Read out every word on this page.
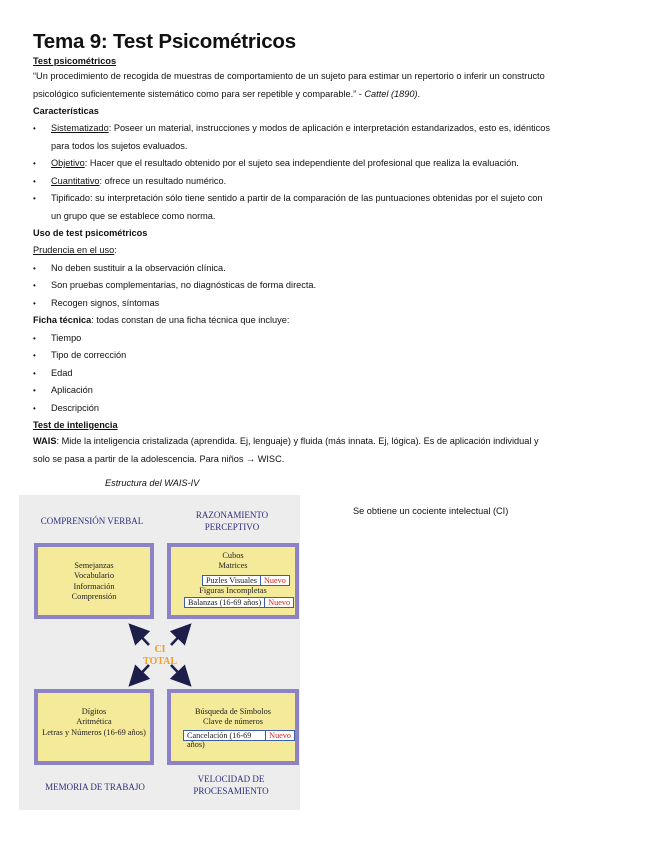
Tema 9: Test Psicométricos

Test psicométricos

“Un procedimiento de recogida de muestras de comportamiento de un sujeto para estimar un repertorio o inferir un constructo
psicológico suficientemente sistemático como para ser repetible y comparable.” - Cattel (1890).

Características

• Sistematizado: Poseer un material, instrucciones y modos de aplicación e interpretación estandarizados, esto es, idénticos
para todos los sujetos evaluados.
• Objetivo: Hacer que el resultado obtenido por el sujeto sea independiente del profesional que realiza la evaluación.
• Cuantitativo: ofrece un resultado numérico.
• Tipificado: su interpretación sólo tiene sentido a partir de la comparación de las puntuaciones obtenidas por el sujeto con
un grupo que se establece como norma.

Uso de test psicométricos

Prudencia en el uso:

• No deben sustituir a la observación clínica.
• Son pruebas complementarias, no diagnósticas de forma directa.
• Recogen signos, síntomas

Ficha técnica: todas constan de una ficha técnica que incluye:

• Tiempo
• Tipo de corrección
• Edad
• Aplicación
• Descripción

Test de inteligencia

WAIS: Mide la inteligencia cristalizada (aprendida. Ej, lenguaje) y fluida (más innata. Ej, lógica). Es de aplicación individual y
solo se pasa a partir de la adolescencia. Para niños → WISC.

Estructura del WAIS-IV
Se obtiene un cociente intelectual (CI)
COMPRENSIÓN VERBAL
RAZONAMIENTO
PERCEPTIVO
Semejanzas
Vocabulario
Información
Comprensión
Cubos
Matrices
Puzles Visuales Nuevo
Figuras Incompletas
Balanzas (16-69 años) Nuevo
Dígitos
Aritmética
Letras y Números (16-69 años)
Búsqueda de Símbolos
Clave de números
Cancelación (16-69 años)
Nuevo
CI
TOTAL
MEMORIA DE TRABAJO
VELOCIDAD DE
PROCESAMIENTO
